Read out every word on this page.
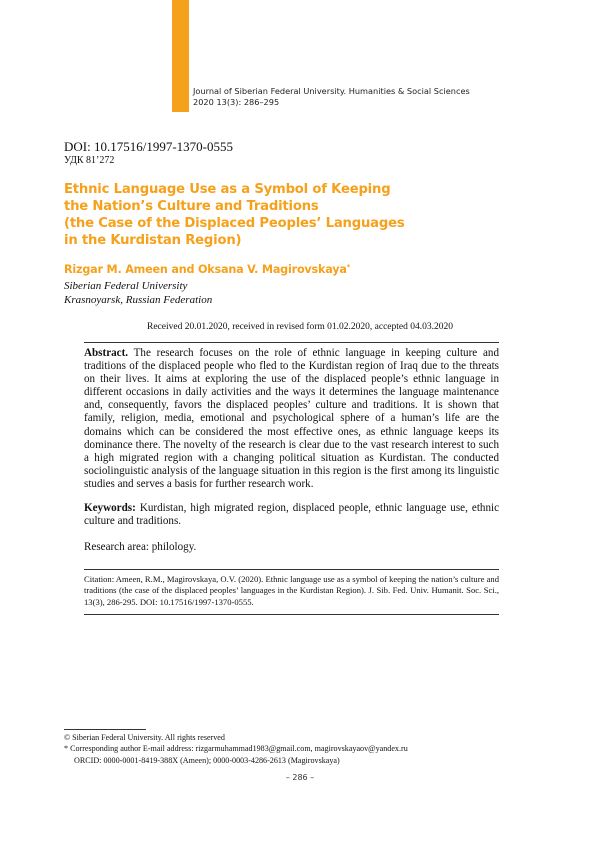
Journal of Siberian Federal University. Humanities & Social Sciences
2020 13(3): 286–295
DOI: 10.17516/1997-1370-0555
УДК 81’272
Ethnic Language Use as a Symbol of Keeping
the Nation’s Culture and Traditions
(the Case of the Displaced Peoples’ Languages
in the Kurdistan Region)
Rizgar M. Ameen and Oksana V. Magirovskaya*
Siberian Federal University
Krasnoyarsk, Russian Federation
Received 20.01.2020, received in revised form 01.02.2020, accepted 04.03.2020
Abstract. The research focuses on the role of ethnic language in keeping culture and traditions of the displaced people who fled to the Kurdistan region of Iraq due to the threats on their lives. It aims at exploring the use of the displaced people’s ethnic language in different occasions in daily activities and the ways it determines the language maintenance and, consequently, favors the displaced peoples’ culture and traditions. It is shown that family, religion, media, emotional and psychological sphere of a human’s life are the domains which can be considered the most effective ones, as ethnic language keeps its dominance there. The novelty of the research is clear due to the vast research interest to such a high migrated region with a changing political situation as Kurdistan. The conducted sociolinguistic analysis of the language situation in this region is the first among its linguistic studies and serves a basis for further research work.
Keywords: Kurdistan, high migrated region, displaced people, ethnic language use, ethnic culture and traditions.
Research area: philology.
Citation: Ameen, R.M., Magirovskaya, O.V. (2020). Ethnic language use as a symbol of keeping the nation’s culture and traditions (the case of the displaced peoples’ languages in the Kurdistan Region). J. Sib. Fed. Univ. Humanit. Soc. Sci., 13(3), 286-295. DOI: 10.17516/1997-1370-0555.
© Siberian Federal University. All rights reserved
* Corresponding author E-mail address: rizgarmuhammad1983@gmail.com, magirovskayaov@yandex.ru
ORCID: 0000-0001-8419-388X (Ameen); 0000-0003-4286-2613 (Magirovskaya)
– 286 –
